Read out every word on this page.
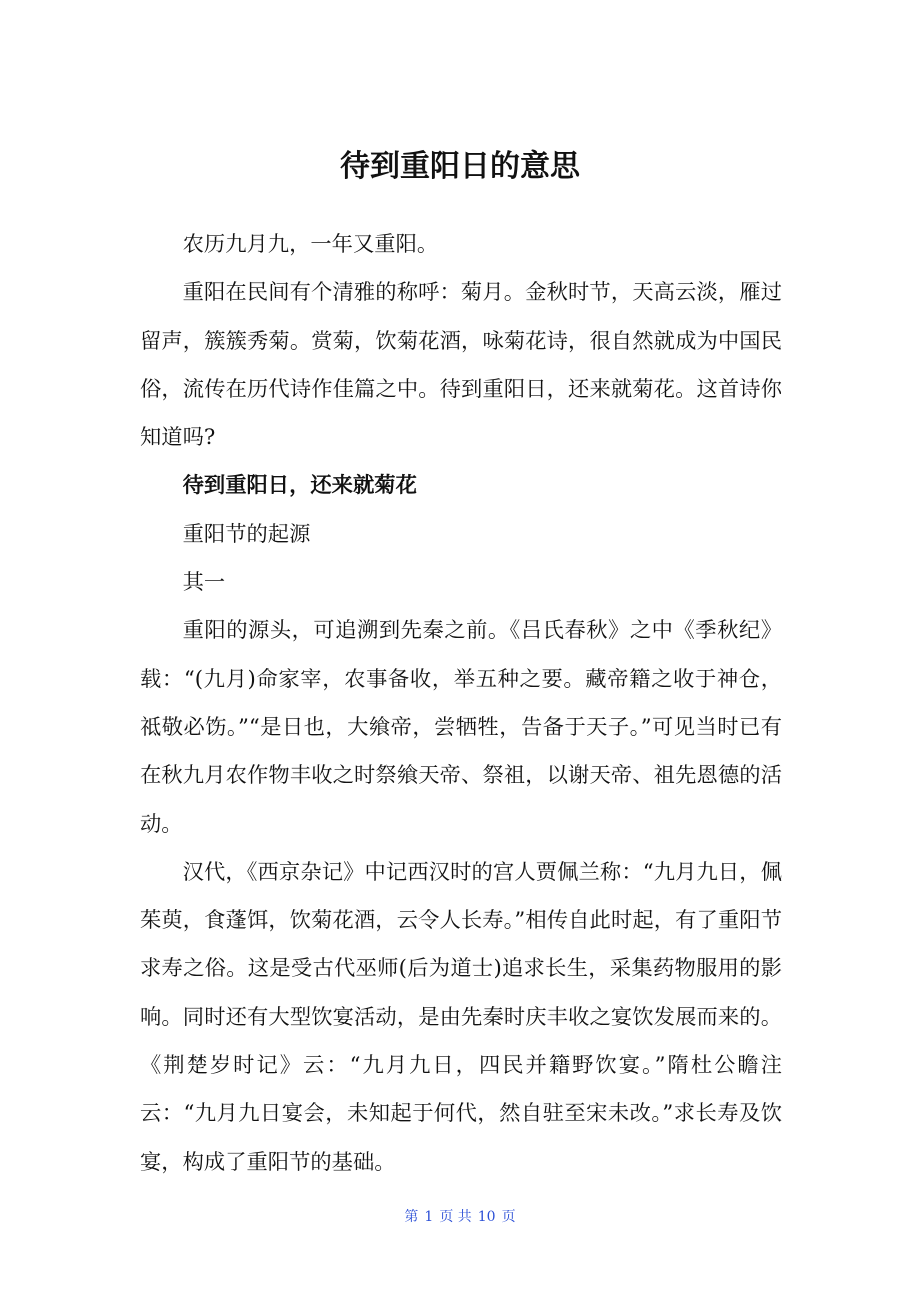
待到重阳日的意思

农历九月九，一年又重阳。

重阳在民间有个清雅的称呼：菊月。金秋时节，天高云淡，雁过留声，簇簇秀菊。赏菊，饮菊花酒，咏菊花诗，很自然就成为中国民俗，流传在历代诗作佳篇之中。待到重阳日，还来就菊花。这首诗你知道吗?

待到重阳日，还来就菊花

重阳节的起源

其一

重阳的源头，可追溯到先秦之前。《吕氏春秋》之中《季秋纪》载：“(九月)命家宰，农事备收，举五种之要。藏帝籍之收于神仓，祗敬必饬。”“是日也，大飨帝，尝牺牲，告备于天子。”可见当时已有在秋九月农作物丰收之时祭飨天帝、祭祖，以谢天帝、祖先恩德的活动。

汉代，《西京杂记》中记西汉时的宫人贾佩兰称：“九月九日，佩茱萸，食蓬饵，饮菊花酒，云令人长寿。”相传自此时起，有了重阳节求寿之俗。这是受古代巫师(后为道士)追求长生，采集药物服用的影响。同时还有大型饮宴活动，是由先秦时庆丰收之宴饮发展而来的。《荆楚岁时记》云：“九月九日，四民并籍野饮宴。”隋杜公瞻注云：“九月九日宴会，未知起于何代，然自驻至宋未改。”求长寿及饮宴，构成了重阳节的基础。

第 1 页 共 10 页
